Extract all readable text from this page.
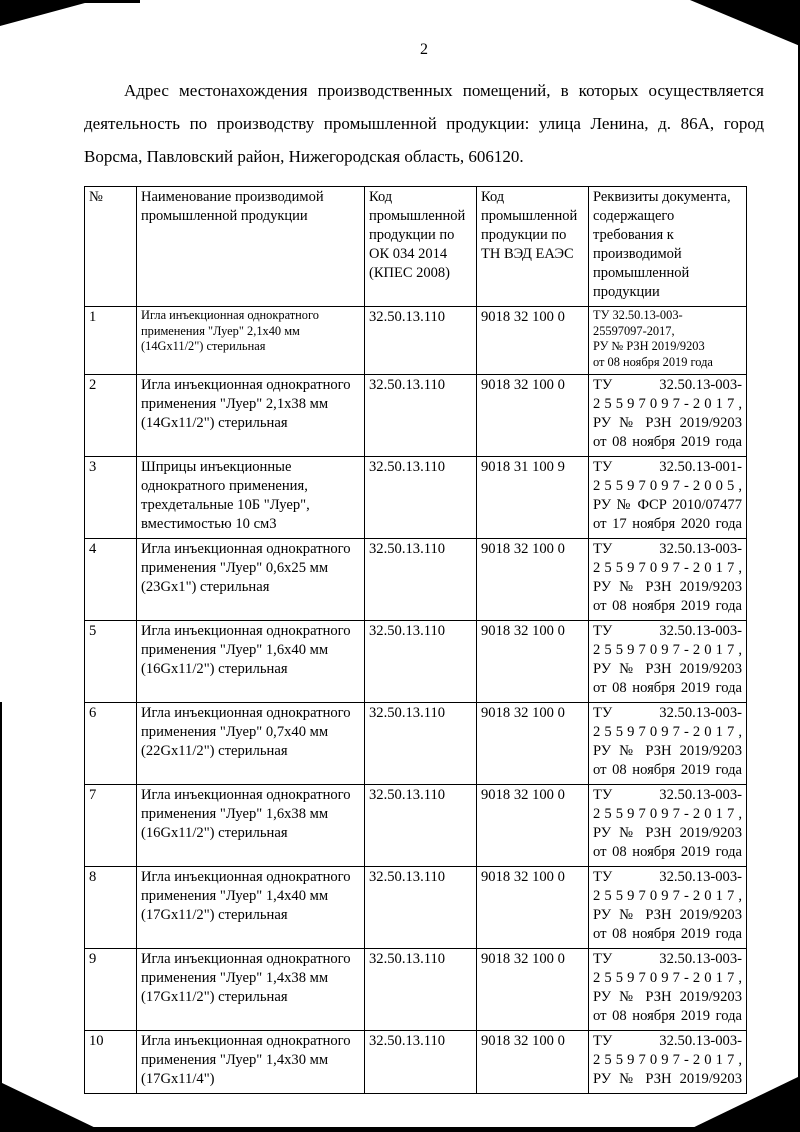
2

Адрес местонахождения производственных помещений, в которых осуществляется деятельность по производству промышленной продукции: улица Ленина, д. 86А, город Ворсма, Павловский район, Нижегородская область, 606120.

№	Наименование производимой промышленной продукции	Код промышленной продукции по ОК 034 2014 (КПЕС 2008)	Код промышленной продукции по ТН ВЭД ЕАЭС	Реквизиты документа, содержащего требования к производимой промышленной продукции
1	Игла инъекционная однократного применения "Луер" 2,1x40 мм (14Gx11/2") стерильная	32.50.13.110	9018 32 100 0	ТУ 32.50.13-003-
25597097-2017,
РУ № РЗН 2019/9203
от 08 ноября 2019 года

2	Игла инъекционная однократного применения "Луер" 2,1x38 мм (14Gx11/2") стерильная	32.50.13.110	9018 32 100 0	ТУ 32.50.13-003-
2 5 5 9 7 0 9 7 - 2 0 1 7 ,
РУ № РЗН 2019/9203
от 08 ноября 2019 года

3	Шприцы инъекционные однократного применения, трехдетальные 10Б "Луер", вместимостью 10 см3	32.50.13.110	9018 31 100 9	ТУ 32.50.13-001-
2 5 5 9 7 0 9 7 - 2 0 0 5 ,
РУ № ФСР 2010/07477
от 17 ноября 2020 года

4	Игла инъекционная однократного применения "Луер" 0,6x25 мм (23Gx1") стерильная	32.50.13.110	9018 32 100 0	ТУ 32.50.13-003-
2 5 5 9 7 0 9 7 - 2 0 1 7 ,
РУ № РЗН 2019/9203
от 08 ноября 2019 года

5	Игла инъекционная однократного применения "Луер" 1,6x40 мм (16Gx11/2") стерильная	32.50.13.110	9018 32 100 0	ТУ 32.50.13-003-
2 5 5 9 7 0 9 7 - 2 0 1 7 ,
РУ № РЗН 2019/9203
от 08 ноября 2019 года

6	Игла инъекционная однократного применения "Луер" 0,7x40 мм (22Gx11/2") стерильная	32.50.13.110	9018 32 100 0	ТУ 32.50.13-003-
2 5 5 9 7 0 9 7 - 2 0 1 7 ,
РУ № РЗН 2019/9203
от 08 ноября 2019 года

7	Игла инъекционная однократного применения "Луер" 1,6x38 мм (16Gx11/2") стерильная	32.50.13.110	9018 32 100 0	ТУ 32.50.13-003-
2 5 5 9 7 0 9 7 - 2 0 1 7 ,
РУ № РЗН 2019/9203
от 08 ноября 2019 года

8	Игла инъекционная однократного применения "Луер" 1,4x40 мм (17Gx11/2") стерильная	32.50.13.110	9018 32 100 0	ТУ 32.50.13-003-
2 5 5 9 7 0 9 7 - 2 0 1 7 ,
РУ № РЗН 2019/9203
от 08 ноября 2019 года

9	Игла инъекционная однократного применения "Луер" 1,4x38 мм (17Gx11/2") стерильная	32.50.13.110	9018 32 100 0	ТУ 32.50.13-003-
2 5 5 9 7 0 9 7 - 2 0 1 7 ,
РУ № РЗН 2019/9203
от 08 ноября 2019 года

10	Игла инъекционная однократного применения "Луер" 1,4x30 мм (17Gx11/4")	32.50.13.110	9018 32 100 0	ТУ 32.50.13-003-
2 5 5 9 7 0 9 7 - 2 0 1 7 ,
РУ № РЗН 2019/9203
